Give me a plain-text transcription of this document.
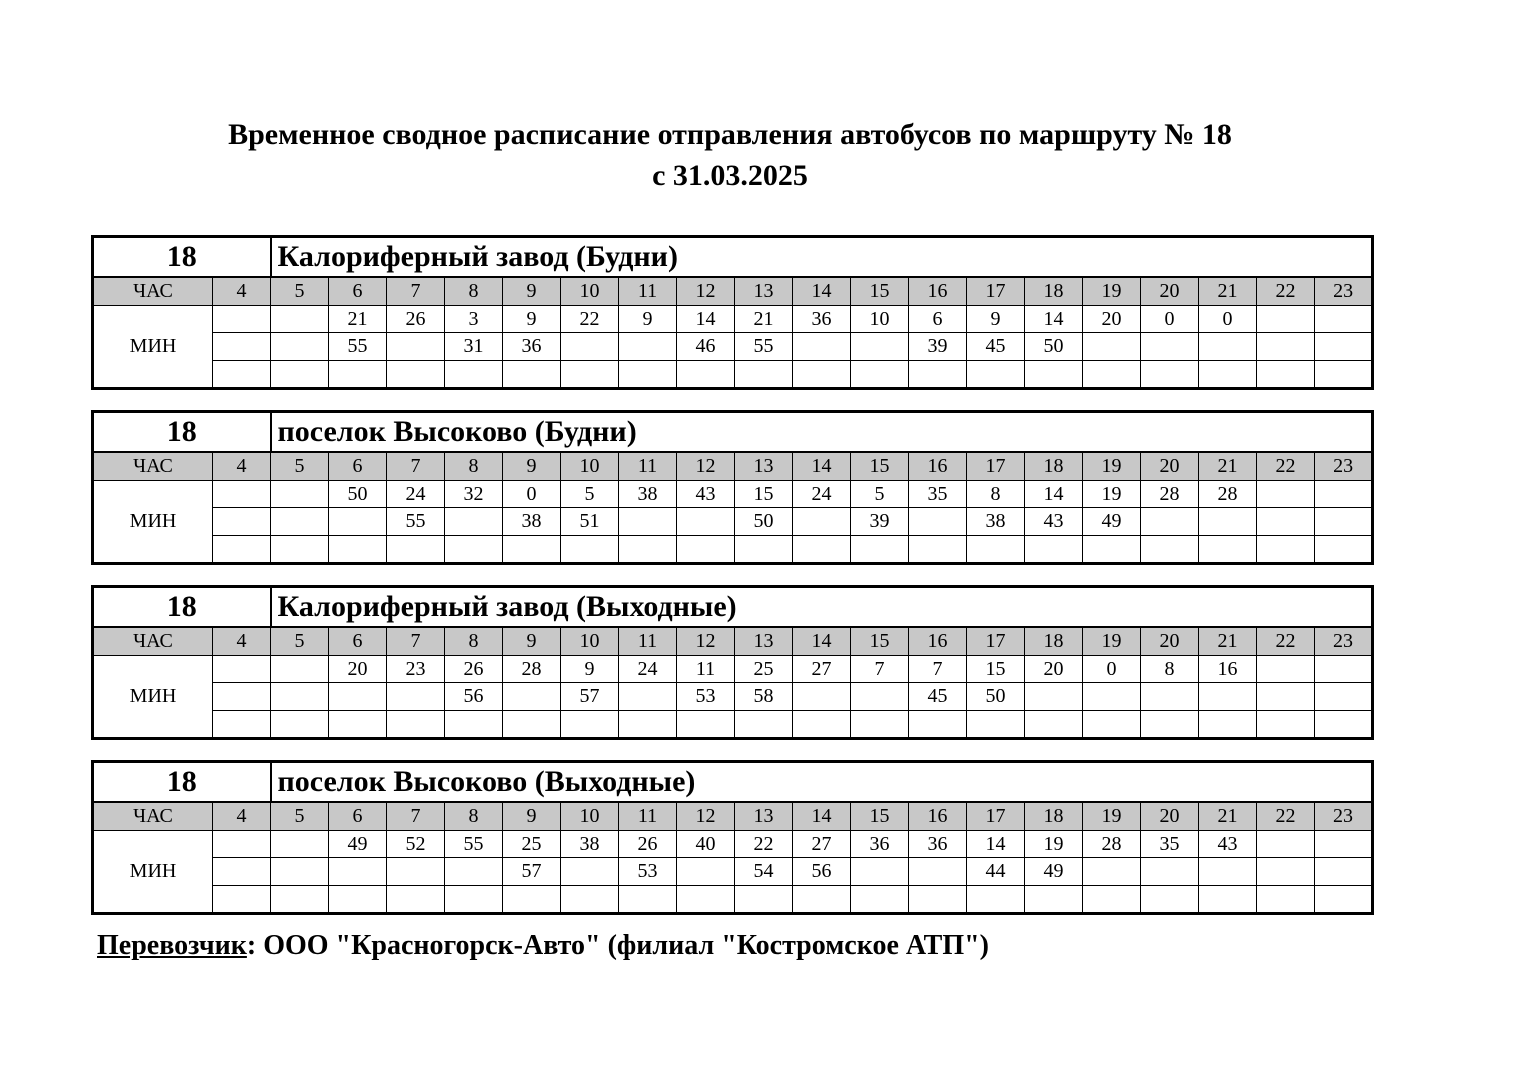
Временное сводное расписание отправления автобусов по маршруту № 18
с 31.03.2025
18		Калориферный завод (Будни)																		
ЧАС	4	5	6	7	8	9	10	11	12	13	14	15	16	17	18	19	20	21	22	23
МИН			21	26	3	9	22	9	14	21	36	10	6	9	14	20	0	0		
			55		31	36			46	55			39	45	50					

18		поселок Высоково (Будни)																		
ЧАС	4	5	6	7	8	9	10	11	12	13	14	15	16	17	18	19	20	21	22	23
МИН			50	24	32	0	5	38	43	15	24	5	35	8	14	19	28	28		
				55		38	51			50		39		38	43	49				

18		Калориферный завод (Выходные)																		
ЧАС	4	5	6	7	8	9	10	11	12	13	14	15	16	17	18	19	20	21	22	23
МИН			20	23	26	28	9	24	11	25	27	7	7	15	20	0	8	16		
					56		57		53	58			45	50						

18		поселок Высоково (Выходные)																		
ЧАС	4	5	6	7	8	9	10	11	12	13	14	15	16	17	18	19	20	21	22	23
МИН			49	52	55	25	38	26	40	22	27	36	36	14	19	28	35	43		
						57		53		54	56			44	49					

Перевозчик: ООО "Красногорск-Авто" (филиал "Костромское АТП")
